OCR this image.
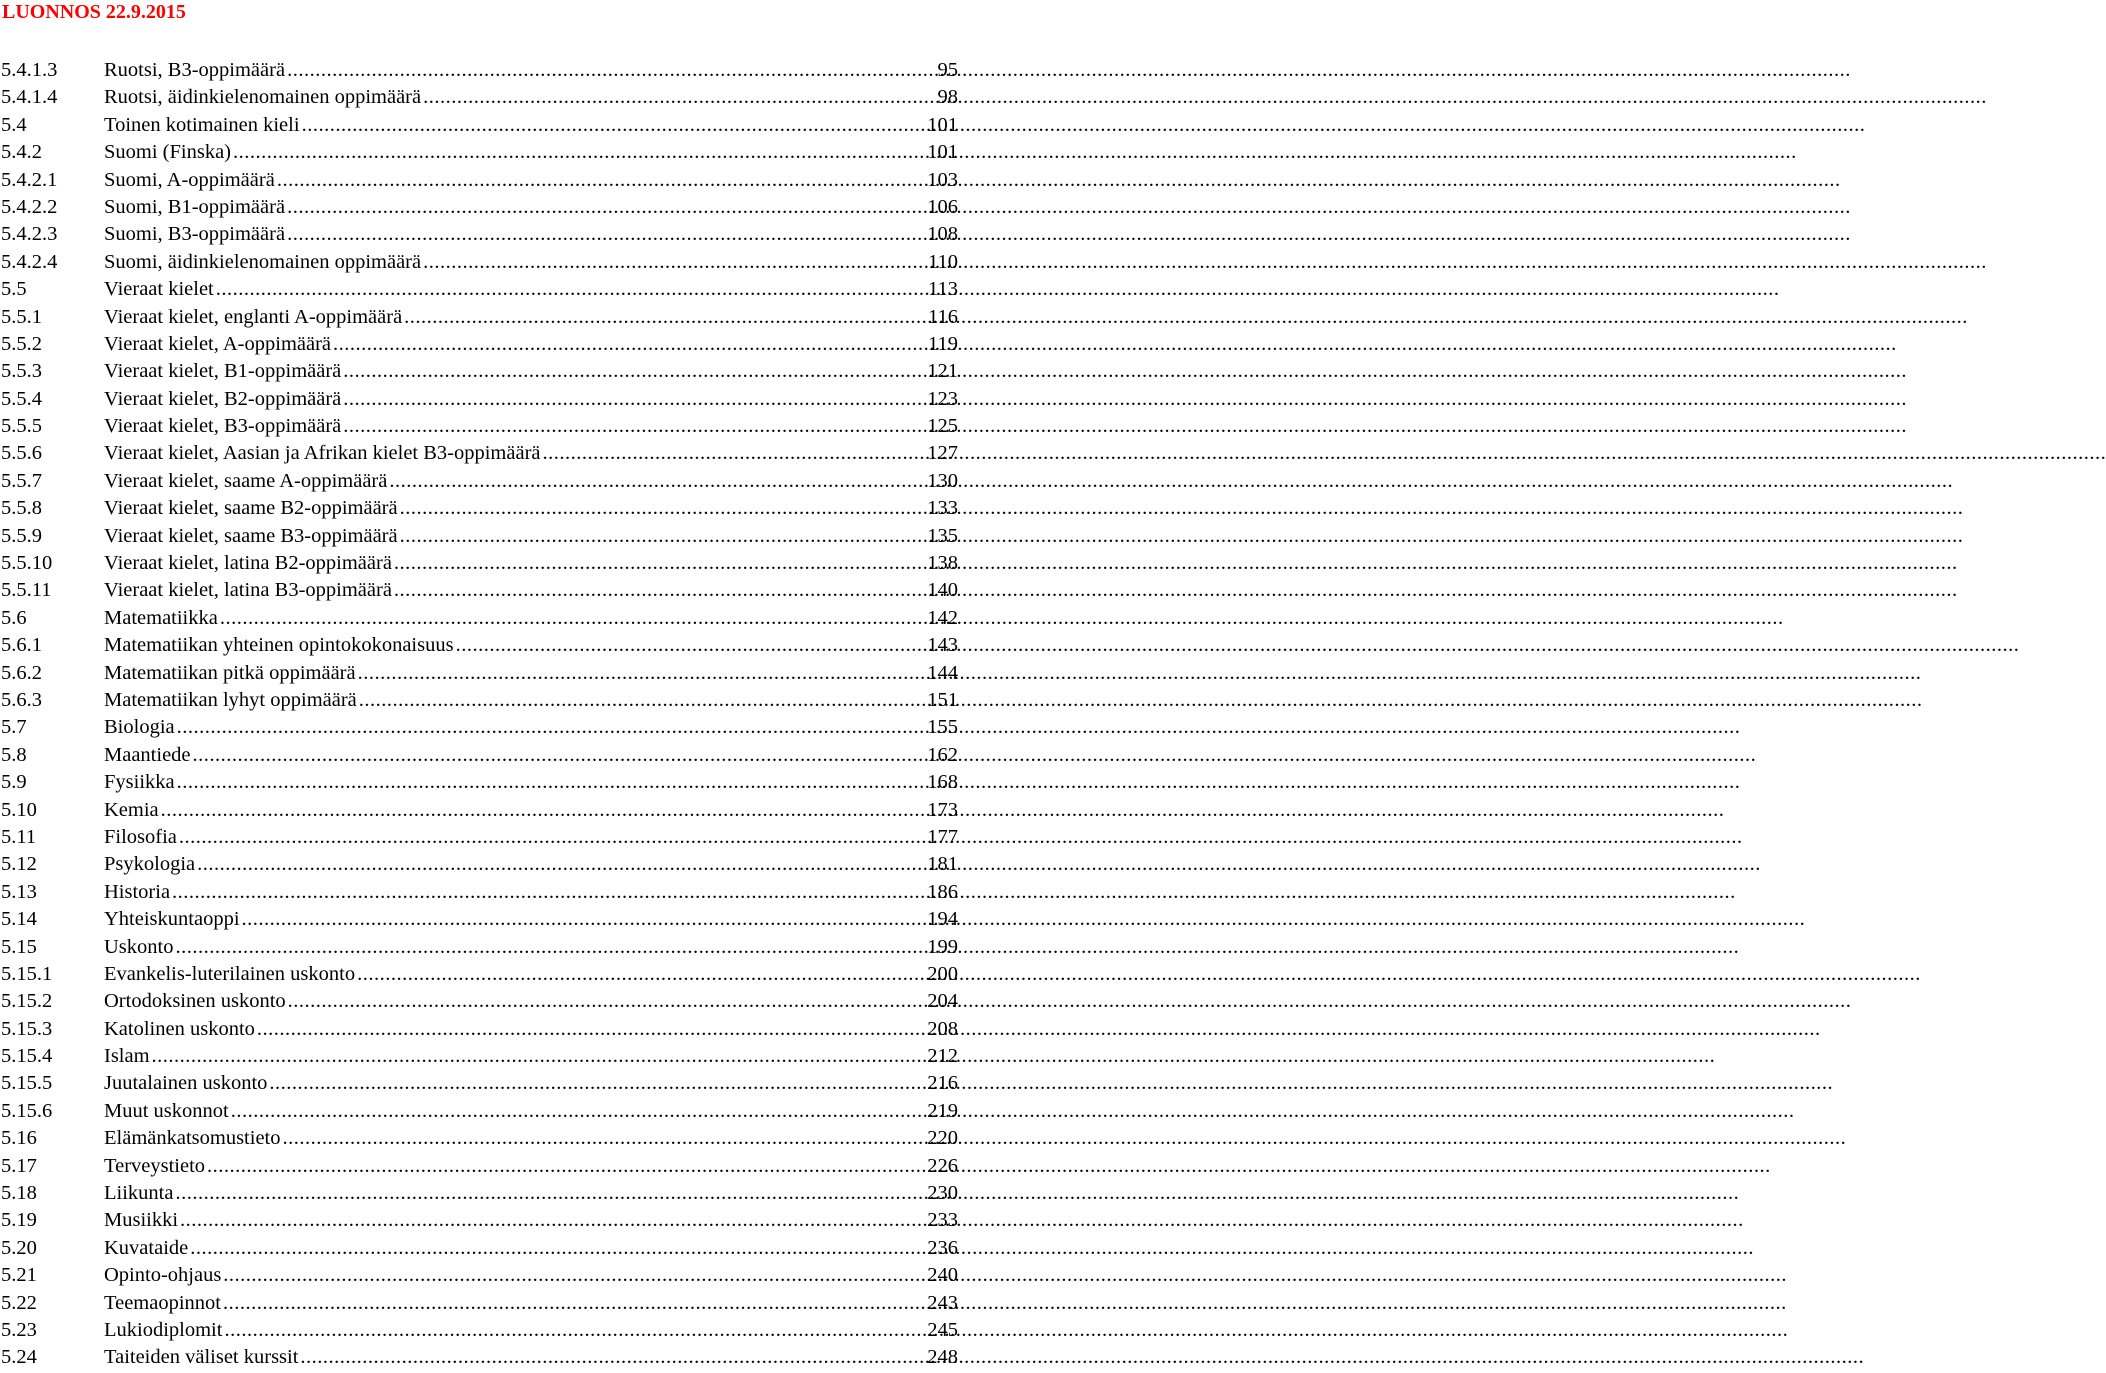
LUONNOS 22.9.2015
5.4.1.3	Ruotsi, B3-oppimäärä .....	95
5.4.1.4	Ruotsi, äidinkielenomainen oppimäärä .....	98
5.4	Toinen kotimainen kieli .....	101
5.4.2	Suomi (Finska) .....	101
5.4.2.1	Suomi, A-oppimäärä .....	103
5.4.2.2	Suomi, B1-oppimäärä .....	106
5.4.2.3	Suomi, B3-oppimäärä .....	108
5.4.2.4	Suomi, äidinkielenomainen oppimäärä .....	110
5.5	Vieraat kielet .....	113
5.5.1	Vieraat kielet, englanti A-oppimäärä .....	116
5.5.2	Vieraat kielet, A-oppimäärä .....	119
5.5.3	Vieraat kielet, B1-oppimäärä .....	121
5.5.4	Vieraat kielet, B2-oppimäärä .....	123
5.5.5	Vieraat kielet, B3-oppimäärä .....	125
5.5.6	Vieraat kielet, Aasian ja Afrikan kielet B3-oppimäärä .....	127
5.5.7	Vieraat kielet, saame A-oppimäärä .....	130
5.5.8	Vieraat kielet, saame B2-oppimäärä .....	133
5.5.9	Vieraat kielet, saame B3-oppimäärä .....	135
5.5.10	Vieraat kielet, latina B2-oppimäärä .....	138
5.5.11	Vieraat kielet, latina B3-oppimäärä .....	140
5.6	Matematiikka .....	142
5.6.1	Matematiikan yhteinen opintokokonaisuus .....	143
5.6.2	Matematiikan pitkä oppimäärä .....	144
5.6.3	Matematiikan lyhyt oppimäärä .....	151
5.7	Biologia .....	155
5.8	Maantiede .....	162
5.9	Fysiikka .....	168
5.10	Kemia .....	173
5.11	Filosofia .....	177
5.12	Psykologia .....	181
5.13	Historia .....	186
5.14	Yhteiskuntaoppi .....	194
5.15	Uskonto .....	199
5.15.1	Evankelis-luterilainen uskonto .....	200
5.15.2	Ortodoksinen uskonto .....	204
5.15.3	Katolinen uskonto .....	208
5.15.4	Islam .....	212
5.15.5	Juutalainen uskonto .....	216
5.15.6	Muut uskonnot .....	219
5.16	Elämänkatsomustieto .....	220
5.17	Terveystieto .....	226
5.18	Liikunta .....	230
5.19	Musiikki .....	233
5.20	Kuvataide .....	236
5.21	Opinto-ohjaus .....	240
5.22	Teemaopinnot .....	243
5.23	Lukiodiplomit .....	245
5.24	Taiteiden väliset kurssit .....	248
